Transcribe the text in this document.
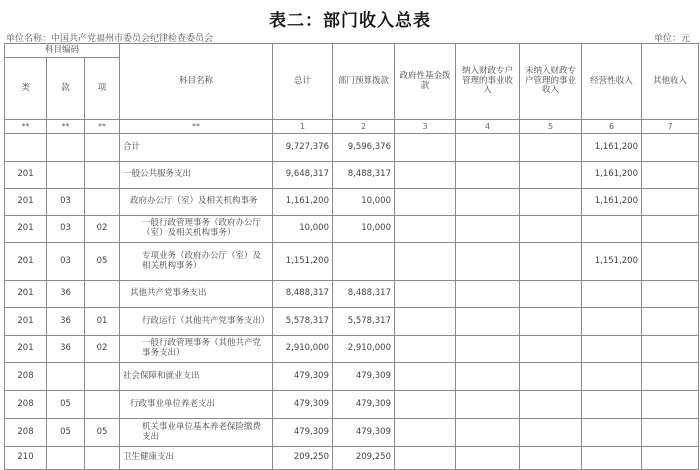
表二：部门收入总表
单位名称：中国共产党福州市委员会纪律检查委员会	单位：元
科目编码			科目名称	总计	部门预算拨款	政府性基金拨款	纳入财政专户管理的事业收入	未纳入财政专户管理的事业收入	经营性收入	其他收入
类	款	项								
**	**	**	**	1	2	3	4	5	6	7
			合计	9,727,376	9,596,376				1,161,200	
201			一般公共服务支出	9,648,317	8,488,317				1,161,200	
201	03		政府办公厅（室）及相关机构事务	1,161,200	10,000				1,161,200	
201	03	02	一般行政管理事务（政府办公厅（室）及相关机构事务）	10,000	10,000					
201	03	05	专项业务（政府办公厅（室）及相关机构事务）	1,151,200					1,151,200	
201	36		其他共产党事务支出	8,488,317	8,488,317					
201	36	01	行政运行（其他共产党事务支出）	5,578,317	5,578,317					
201	36	02	一般行政管理事务（其他共产党事务支出）	2,910,000	2,910,000					
208			社会保障和就业支出	479,309	479,309					
208	05		行政事业单位养老支出	479,309	479,309					
208	05	05	机关事业单位基本养老保险缴费支出	479,309	479,309					
210			卫生健康支出	209,250	209,250					
